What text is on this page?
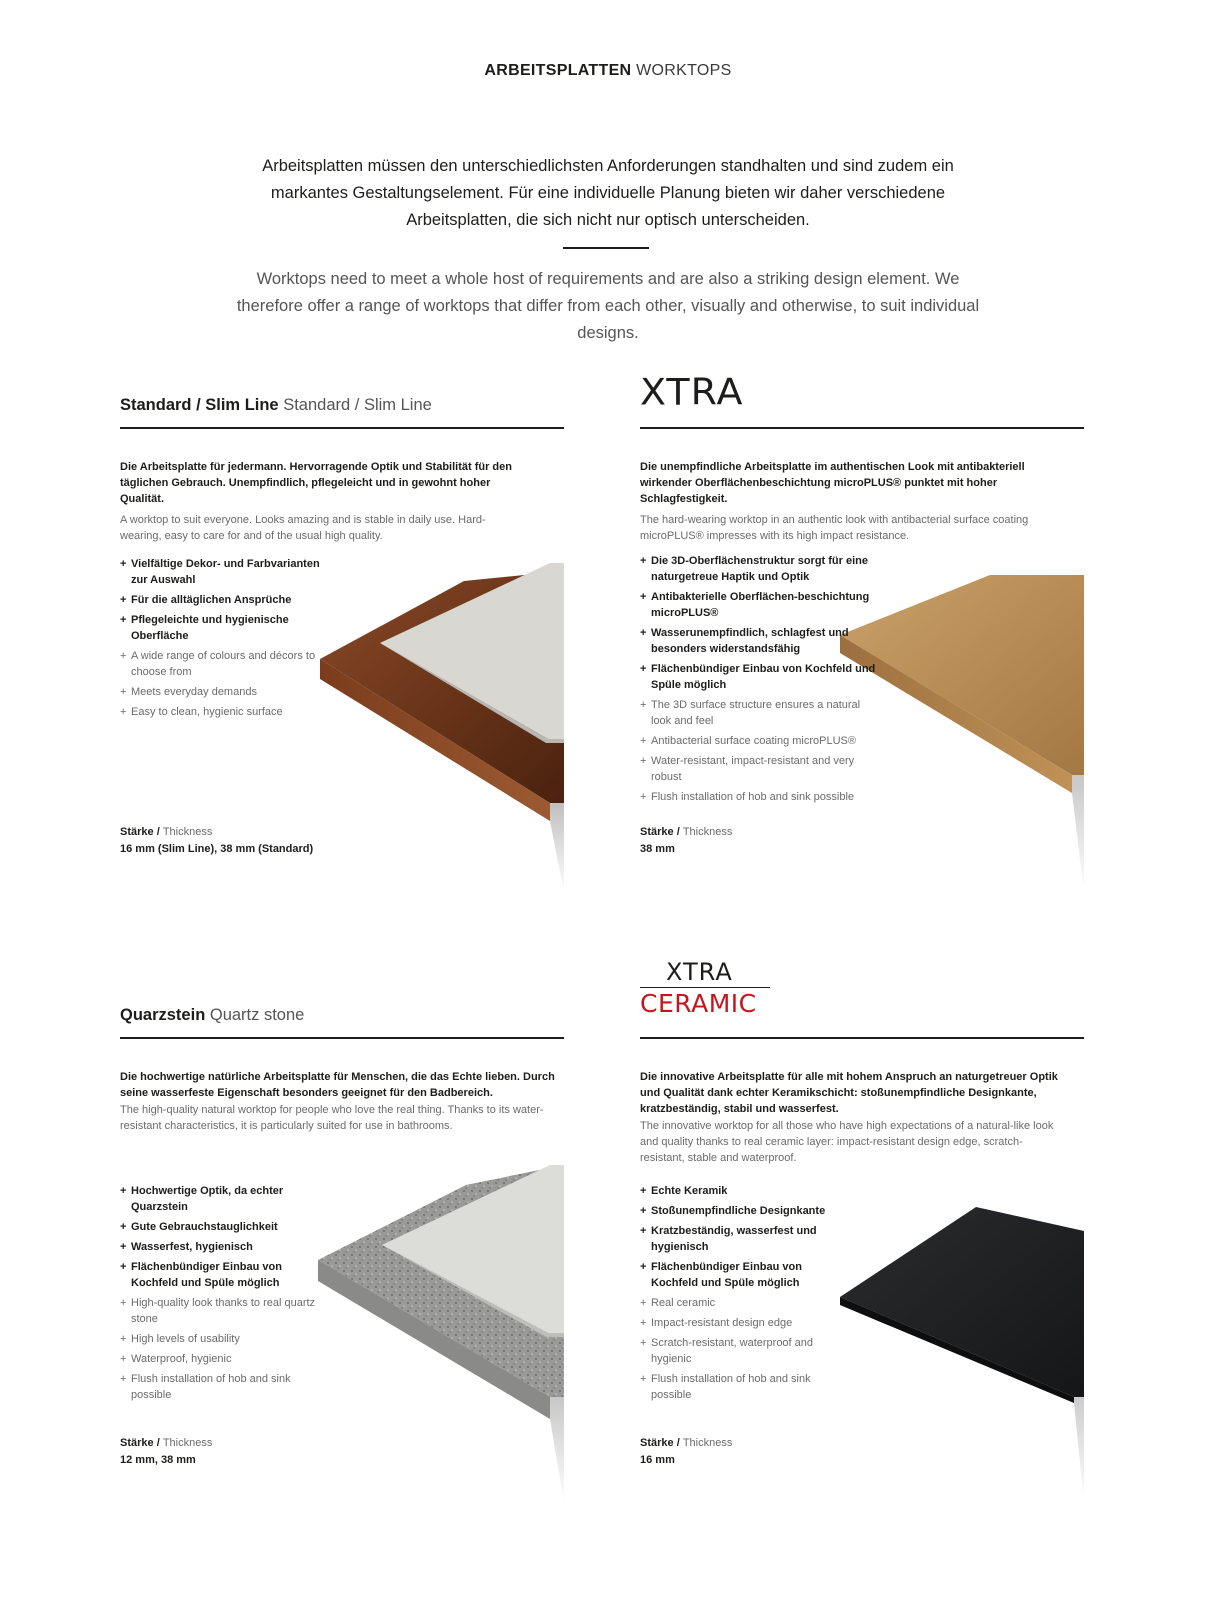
ARBEITSPLATTEN WORKTOPS
Arbeitsplatten müssen den unterschiedlichsten Anforderungen standhalten und sind zudem ein markantes Gestaltungselement. Für eine individuelle Planung bieten wir daher verschiedene Arbeitsplatten, die sich nicht nur optisch unterscheiden.
Worktops need to meet a whole host of requirements and are also a striking design element. We therefore offer a range of worktops that differ from each other, visually and otherwise, to suit individual designs.
Standard / Slim Line Standard / Slim Line
Die Arbeitsplatte für jedermann. Hervorragende Optik und Stabilität für den täglichen Gebrauch. Unempfindlich, pflegeleicht und in gewohnt hoher Qualität.
A worktop to suit everyone. Looks amazing and is stable in daily use. Hard-wearing, easy to care for and of the usual high quality.
+ Vielfältige Dekor- und Farbvarianten zur Auswahl
+ Für die alltäglichen Ansprüche
+ Pflegeleichte und hygienische Oberfläche
+ A wide range of colours and décors to choose from
+ Meets everyday demands
+ Easy to clean, hygienic surface
Stärke / Thickness
16 mm (Slim Line), 38 mm (Standard)
XTRA
Die unempfindliche Arbeitsplatte im authentischen Look mit antibakteriell wirkender Oberflächenbeschichtung microPLUS® punktet mit hoher Schlagfestigkeit.
The hard-wearing worktop in an authentic look with antibacterial surface coating microPLUS® impresses with its high impact resistance.
+ Die 3D-Oberflächenstruktur sorgt für eine naturgetreue Haptik und Optik
+ Antibakterielle Oberflächen-beschichtung microPLUS®
+ Wasserunempfindlich, schlagfest und besonders widerstandsfähig
+ Flächenbündiger Einbau von Kochfeld und Spüle möglich
+ The 3D surface structure ensures a natural look and feel
+ Antibacterial surface coating microPLUS®
+ Water-resistant, impact-resistant and very robust
+ Flush installation of hob and sink possible
Stärke / Thickness
38 mm
Quarzstein Quartz stone
Die hochwertige natürliche Arbeitsplatte für Menschen, die das Echte lieben. Durch seine wasserfeste Eigenschaft besonders geeignet für den Badbereich.
The high-quality natural worktop for people who love the real thing. Thanks to its water-resistant characteristics, it is particularly suited for use in bathrooms.
+ Hochwertige Optik, da echter Quarzstein
+ Gute Gebrauchstauglichkeit
+ Wasserfest, hygienisch
+ Flächenbündiger Einbau von Kochfeld und Spüle möglich
+ High-quality look thanks to real quartz stone
+ High levels of usability
+ Waterproof, hygienic
+ Flush installation of hob and sink possible
Stärke / Thickness
12 mm, 38 mm
XTRA
CERAMIC
Die innovative Arbeitsplatte für alle mit hohem Anspruch an naturgetreuer Optik und Qualität dank echter Keramikschicht: stoßunempfindliche Designkante, kratzbeständig, stabil und wasserfest.
The innovative worktop for all those who have high expectations of a natural-like look and quality thanks to real ceramic layer: impact-resistant design edge, scratch-resistant, stable and waterproof.
+ Echte Keramik
+ Stoßunempfindliche Designkante
+ Kratzbeständig, wasserfest und hygienisch
+ Flächenbündiger Einbau von Kochfeld und Spüle möglich
+ Real ceramic
+ Impact-resistant design edge
+ Scratch-resistant, waterproof and hygienic
+ Flush installation of hob and sink possible
Stärke / Thickness
16 mm
